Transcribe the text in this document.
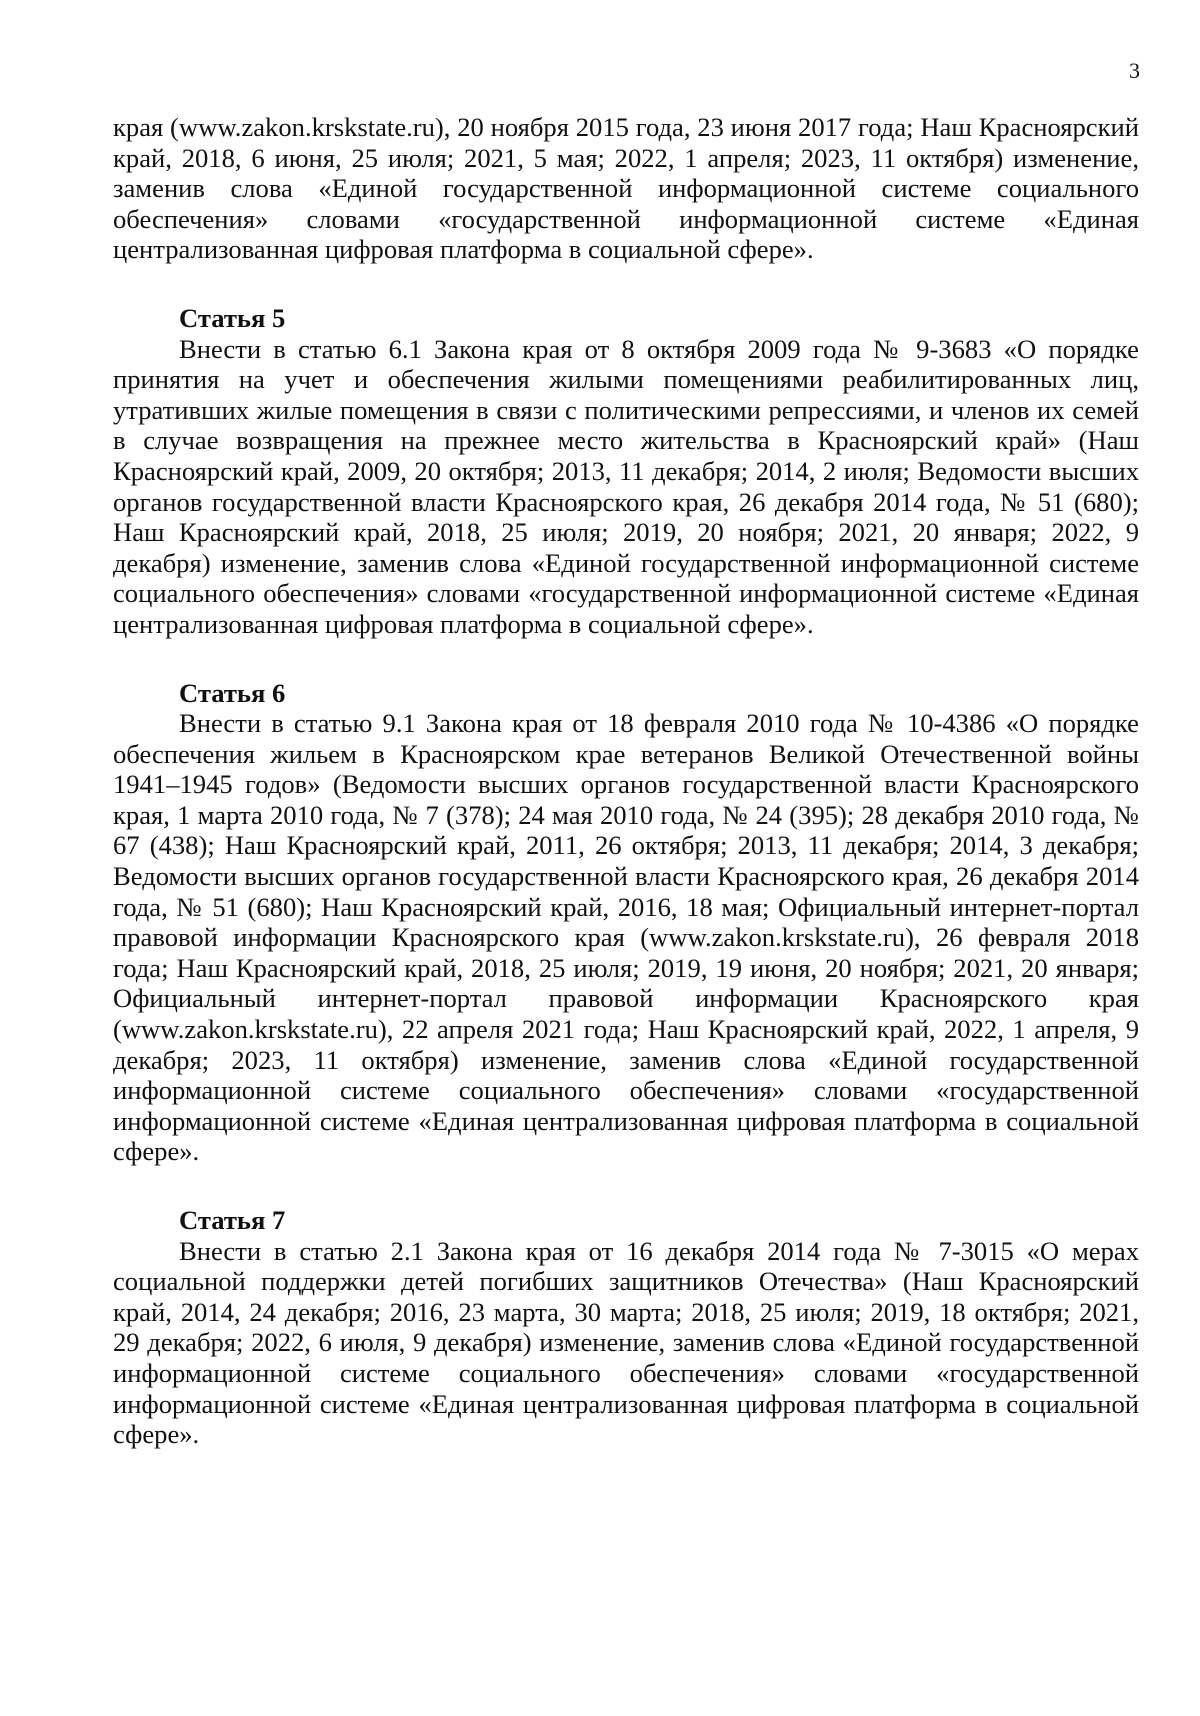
3

края (www.zakon.krskstate.ru), 20 ноября 2015 года, 23 июня 2017 года; Наш Красноярский край, 2018, 6 июня, 25 июля; 2021, 5 мая; 2022, 1 апреля; 2023, 11 октября) изменение, заменив слова «Единой государственной информационной системе социального обеспечения» словами «государственной информационной системе «Единая централизованная цифровая платформа в социальной сфере».

Статья 5

Внести в статью 6.1 Закона края от 8 октября 2009 года № 9-3683 «О порядке принятия на учет и обеспечения жилыми помещениями реабилитированных лиц, утративших жилые помещения в связи с политическими репрессиями, и членов их семей в случае возвращения на прежнее место жительства в Красноярский край» (Наш Красноярский край, 2009, 20 октября; 2013, 11 декабря; 2014, 2 июля; Ведомости высших органов государственной власти Красноярского края, 26 декабря 2014 года, № 51 (680); Наш Красноярский край, 2018, 25 июля; 2019, 20 ноября; 2021, 20 января; 2022, 9 декабря) изменение, заменив слова «Единой государственной информационной системе социального обеспечения» словами «государственной информационной системе «Единая централизованная цифровая платформа в социальной сфере».

Статья 6

Внести в статью 9.1 Закона края от 18 февраля 2010 года № 10-4386 «О порядке обеспечения жильем в Красноярском крае ветеранов Великой Отечественной войны 1941–1945 годов» (Ведомости высших органов государственной власти Красноярского края, 1 марта 2010 года, № 7 (378); 24 мая 2010 года, № 24 (395); 28 декабря 2010 года, № 67 (438); Наш Красноярский край, 2011, 26 октября; 2013, 11 декабря; 2014, 3 декабря; Ведомости высших органов государственной власти Красноярского края, 26 декабря 2014 года, № 51 (680); Наш Красноярский край, 2016, 18 мая; Официальный интернет-портал правовой информации Красноярского края (www.zakon.krskstate.ru), 26 февраля 2018 года; Наш Красноярский край, 2018, 25 июля; 2019, 19 июня, 20 ноября; 2021, 20 января; Официальный интернет-портал правовой информации Красноярского края (www.zakon.krskstate.ru), 22 апреля 2021 года; Наш Красноярский край, 2022, 1 апреля, 9 декабря; 2023, 11 октября) изменение, заменив слова «Единой государственной информационной системе социального обеспечения» словами «государственной информационной системе «Единая централизованная цифровая платформа в социальной сфере».

Статья 7

Внести в статью 2.1 Закона края от 16 декабря 2014 года № 7-3015 «О мерах социальной поддержки детей погибших защитников Отечества» (Наш Красноярский край, 2014, 24 декабря; 2016, 23 марта, 30 марта; 2018, 25 июля; 2019, 18 октября; 2021, 29 декабря; 2022, 6 июля, 9 декабря) изменение, заменив слова «Единой государственной информационной системе социального обеспечения» словами «государственной информационной системе «Единая централизованная цифровая платформа в социальной сфере».
